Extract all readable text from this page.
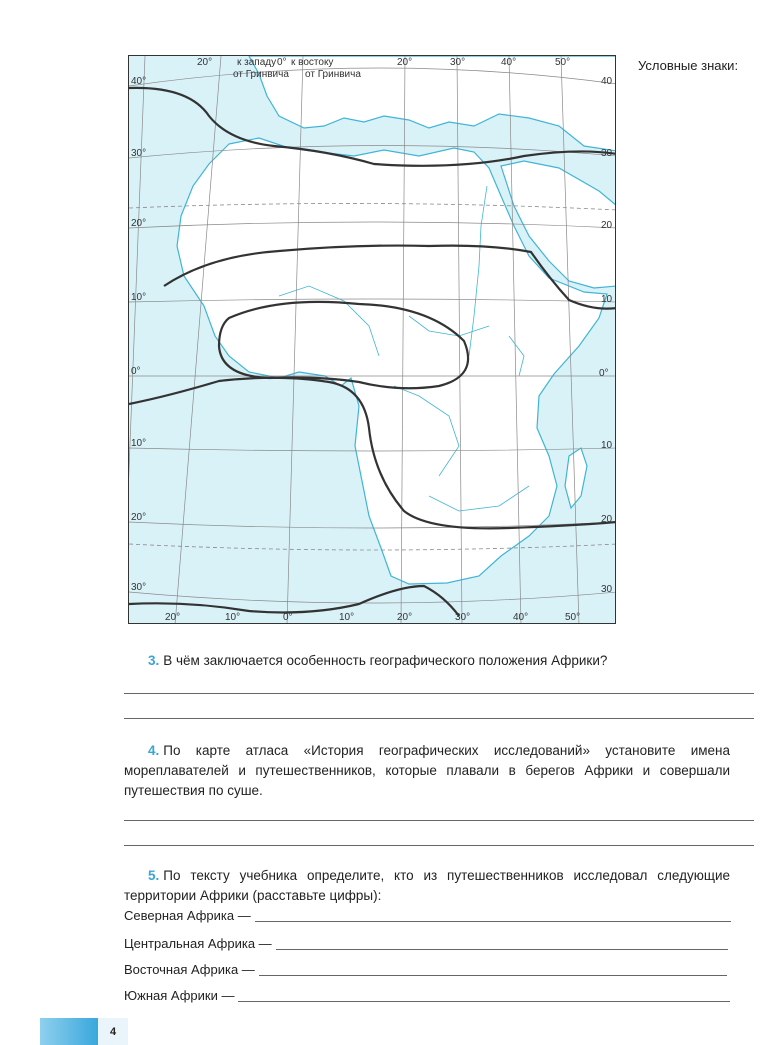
20°	20°	30°	40°	50°
к западу
от Гринвича
0° к востоку
от Гринвича
20°	10°	0°	10°	20°	30°	40°	50°
40°
30°
20°
10°
0°
10°
20°
30°
40
30
20
10
0°
10
20
30
Условные знаки:
3. В чём заключается особенность географического положения Африки?
4. По карте атласа «История географических исследований» установите имена мореплавателей и путешественников, которые плавали в берегов Африки и совершали путешествия по суше.
5. По тексту учебника определите, кто из путешественников исследовал следующие территории Африки (расставьте цифры):
Северная Африка —
Центральная Африка —
Восточная Африка —
Южная Африки —
4
